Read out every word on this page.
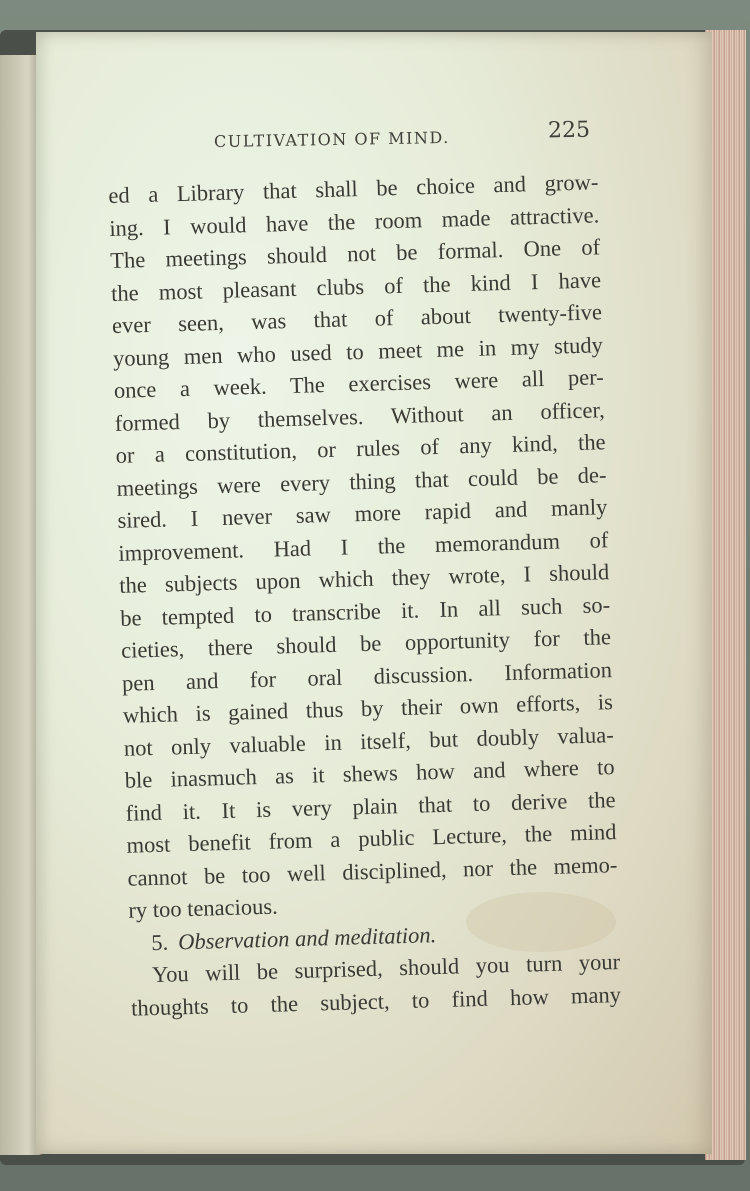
CULTIVATION OF MIND.	225
ed a Library that shall be choice and grow-
ing. I would have the room made attractive.
The meetings should not be formal. One of
the most pleasant clubs of the kind I have
ever seen, was that of about twenty-five
young men who used to meet me in my study
once a week. The exercises were all per-
formed by themselves. Without an officer,
or a constitution, or rules of any kind, the
meetings were every thing that could be de-
sired. I never saw more rapid and manly
improvement. Had I the memorandum of
the subjects upon which they wrote, I should
be tempted to transcribe it. In all such so-
cieties, there should be opportunity for the
pen and for oral discussion. Information
which is gained thus by their own efforts, is
not only valuable in itself, but doubly valua-
ble inasmuch as it shews how and where to
find it. It is very plain that to derive the
most benefit from a public Lecture, the mind
cannot be too well disciplined, nor the memo-
ry too tenacious.
5. Observation and meditation.
You will be surprised, should you turn your
thoughts to the subject, to find how many
